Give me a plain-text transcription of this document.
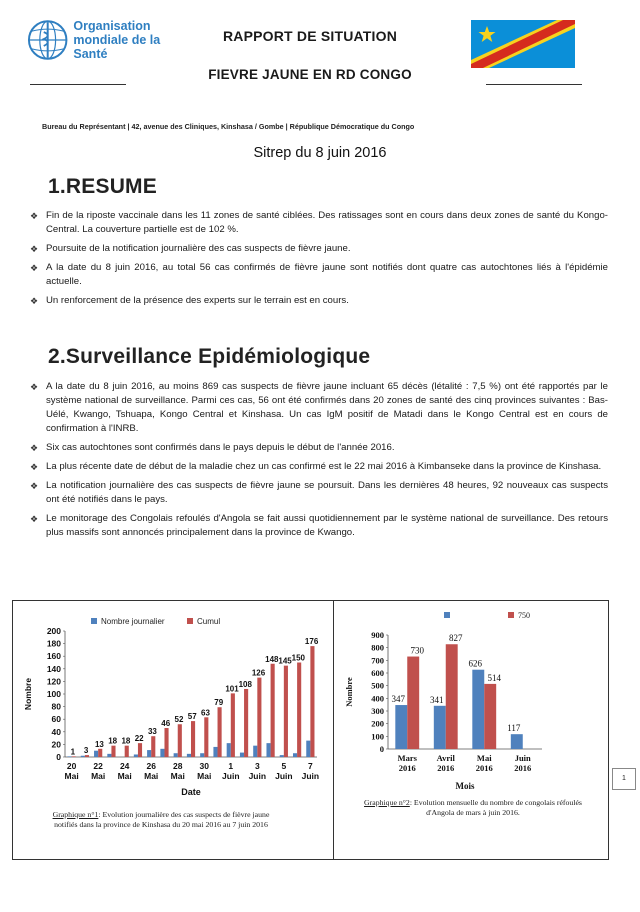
Organisation
mondiale de la Santé
RAPPORT DE SITUATION
FIEVRE JAUNE EN RD CONGO
Bureau du Représentant | 42, avenue des Cliniques, Kinshasa / Gombe | République Démocratique du Congo
Sitrep du 8 juin 2016
1.RESUME
❖ Fin de la riposte vaccinale dans les 11 zones de santé ciblées. Des ratissages sont en cours dans deux zones de santé du Kongo-Central. La couverture partielle est de 102 %.
❖ Poursuite de la notification journalière des cas suspects de fièvre jaune.
❖ A la date du 8 juin 2016, au total 56 cas confirmés de fièvre jaune sont notifiés dont quatre cas autochtones liés à l'épidémie actuelle.
❖ Un renforcement de la présence des experts sur le terrain est en cours.
2.Surveillance Epidémiologique
❖ A la date du 8 juin 2016, au moins 869 cas suspects de fièvre jaune incluant 65 décès (létalité : 7,5 %) ont été rapportés par le système national de surveillance. Parmi ces cas, 56 ont été confirmés dans 20 zones de santé des cinq provinces suivantes : Bas-Uélé, Kwango, Tshuapa, Kongo Central et Kinshasa. Un cas IgM positif de Matadi dans le Kongo Central est en cours de confirmation à l'INRB.
❖ Six cas autochtones sont confirmés dans le pays depuis le début de l'année 2016.
❖ La plus récente date de début de la maladie chez un cas confirmé est le 22 mai 2016 à Kimbanseke dans la province de Kinshasa.
❖ La notification journalière des cas suspects de fièvre jaune se poursuit. Dans les dernières 48 heures, 92 nouveaux cas suspects ont été notifiés dans le pays.
❖ Le monitorage des Congolais refoulés d'Angola se fait aussi quotidiennement par le système national de surveillance. Des retours plus massifs sont annoncés principalement dans la province de Kwango.
Nombre journalier	Cumul
0
20
40
60
80
100
120
140
160
180
200
1 3
13 18 18 22
33
46 52 57 63
79
101 108
126
148 145 150
176
20
Mai
22
Mai
24
Mai
26
Mai
28
Mai
30
Mai
1
Juin
3
Juin
5
Juin
7
Juin
Date
Nombre
750
0
100
200
300
400
500
600
700
800
900
347	341
626
117
730
827
514
Mars
2016
Avril
2016
Mai
2016
Juin
2016
Mois
Nombre
Graphique n°1: Evolution journalière des cas suspects de fièvre jaune notifiés dans la province de Kinshasa du 20 mai 2016 au 7 juin 2016
Graphique n°2: Evolution mensuelle du nombre de congolais réfoulés d'Angola de mars à juin 2016.
1
